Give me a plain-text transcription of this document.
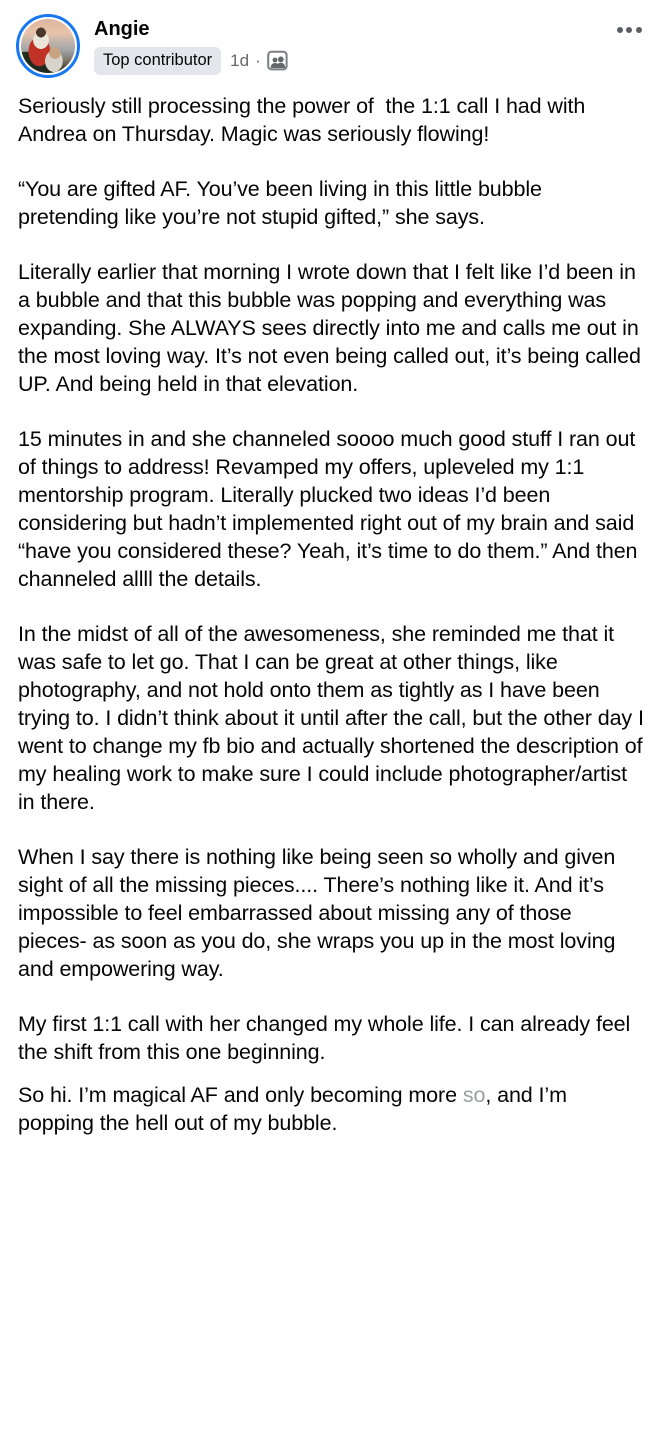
Angie
Top contributor	1d ·

Seriously still processing the power of  the 1:1 call I had with Andrea on Thursday. Magic was seriously flowing!

“You are gifted AF. You’ve been living in this little bubble pretending like you’re not stupid gifted,” she says.

Literally earlier that morning I wrote down that I felt like I’d been in a bubble and that this bubble was popping and everything was expanding. She ALWAYS sees directly into me and calls me out in the most loving way. It’s not even being called out, it’s being called UP. And being held in that elevation.

15 minutes in and she channeled soooo much good stuff I ran out of things to address! Revamped my offers, upleveled my 1:1 mentorship program. Literally plucked two ideas I’d been considering but hadn’t implemented right out of my brain and said “have you considered these? Yeah, it’s time to do them.” And then channeled allll the details.

In the midst of all of the awesomeness, she reminded me that it was safe to let go. That I can be great at other things, like photography, and not hold onto them as tightly as I have been trying to. I didn’t think about it until after the call, but the other day I went to change my fb bio and actually shortened the description of my healing work to make sure I could include photographer/artist in there.

When I say there is nothing like being seen so wholly and given sight of all the missing pieces.... There’s nothing like it. And it’s impossible to feel embarrassed about missing any of those pieces- as soon as you do, she wraps you up in the most loving and empowering way.

My first 1:1 call with her changed my whole life. I can already feel the shift from this one beginning.

So hi. I’m magical AF and only becoming more so, and I’m popping the hell out of my bubble.
